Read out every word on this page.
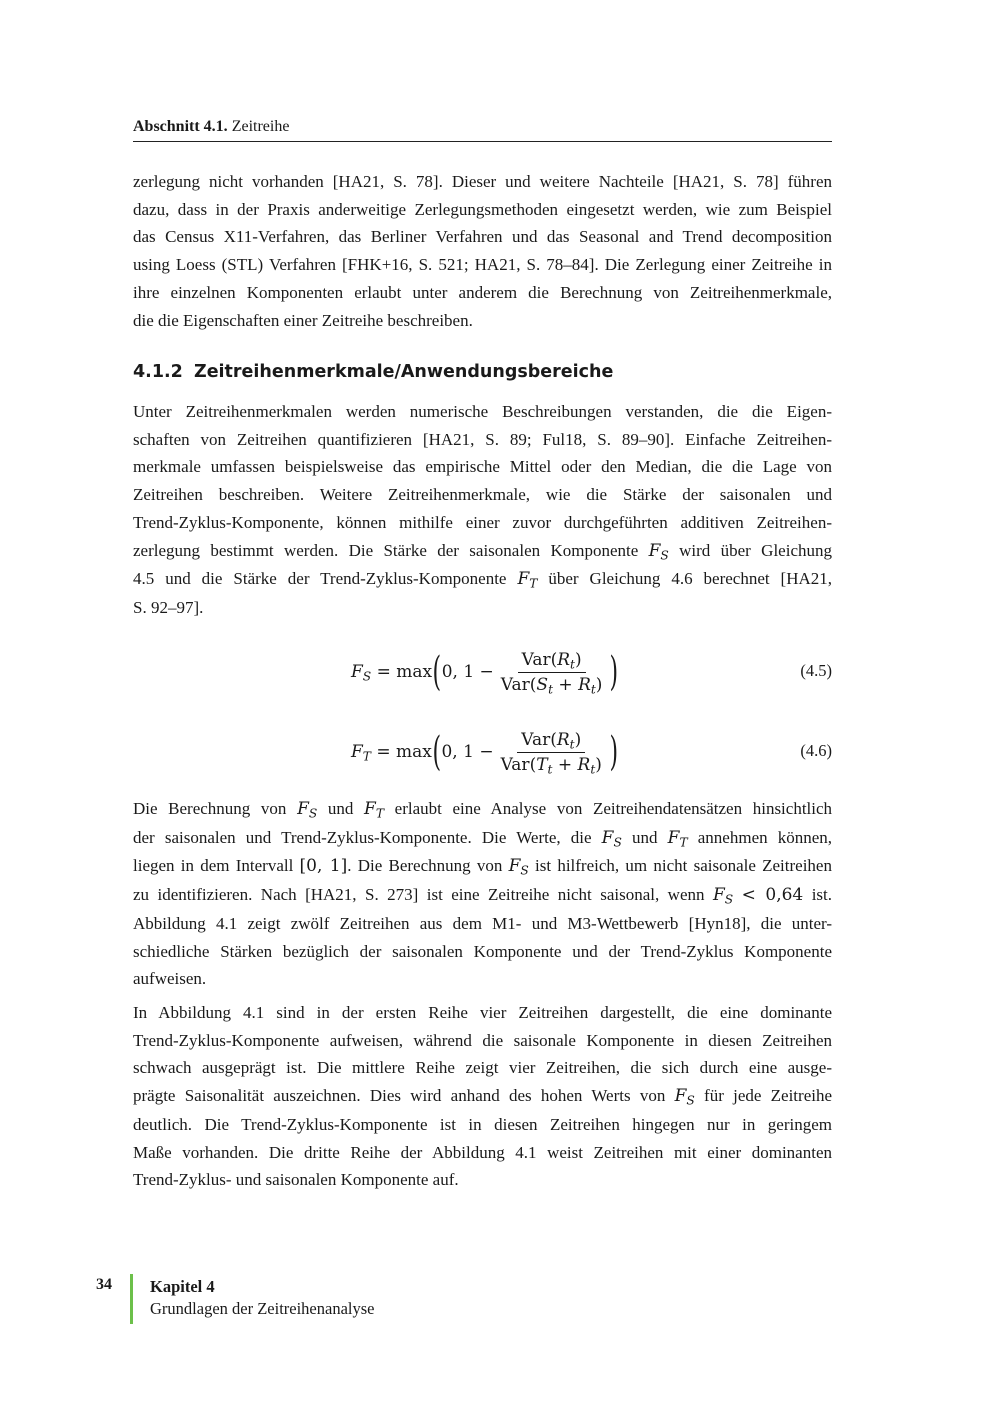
Abschnitt 4.1. Zeitreihe
zerlegung nicht vorhanden [HA21, S. 78]. Dieser und weitere Nachteile [HA21, S. 78] führen
dazu, dass in der Praxis anderweitige Zerlegungsmethoden eingesetzt werden, wie zum Beispiel
das Census X11-Verfahren, das Berliner Verfahren und das Seasonal and Trend decomposition
using Loess (STL) Verfahren [FHK+16, S. 521; HA21, S. 78–84]. Die Zerlegung einer Zeitreihe in
ihre einzelnen Komponenten erlaubt unter anderem die Berechnung von Zeitreihenmerkmale,
die die Eigenschaften einer Zeitreihe beschreiben.
4.1.2 Zeitreihenmerkmale/Anwendungsbereiche
Unter Zeitreihenmerkmalen werden numerische Beschreibungen verstanden, die die Eigen-
schaften von Zeitreihen quantifizieren [HA21, S. 89; Ful18, S. 89–90]. Einfache Zeitreihen-
merkmale umfassen beispielsweise das empirische Mittel oder den Median, die die Lage von
Zeitreihen beschreiben. Weitere Zeitreihenmerkmale, wie die Stärke der saisonalen und
Trend-Zyklus-Komponente, können mithilfe einer zuvor durchgeführten additiven Zeitreihen-
zerlegung bestimmt werden. Die Stärke der saisonalen Komponente $F_S$ wird über Gleichung
4.5 und die Stärke der Trend-Zyklus-Komponente $F_T$ über Gleichung 4.6 berechnet [HA21,
S. 92–97].
$F_S$
= max ( 0, $1 - \frac{Var(R_t)}{Var(S_t + R_t)}$ )	(4.5)
$F_T$
= max ( 0, $1 - \frac{Var(R_t)}{Var(T_t + R_t)}$ )	(4.6)
Die Berechnung von $F_S$ und $F_T$ erlaubt eine Analyse von Zeitreihendatensätzen hinsichtlich
der saisonalen und Trend-Zyklus-Komponente. Die Werte, die $F_S$ und $F_T$ annehmen können,
liegen in dem Intervall [0, 1]. Die Berechnung von $F_S$ ist hilfreich, um nicht saisonale Zeitreihen
zu identifizieren. Nach [HA21, S. 273] ist eine Zeitreihe nicht saisonal, wenn $F_S < 0,64$ ist.
Abbildung 4.1 zeigt zwölf Zeitreihen aus dem M1- und M3-Wettbewerb [Hyn18], die unter-
schiedliche Stärken bezüglich der saisonalen Komponente und der Trend-Zyklus Komponente
aufweisen.
In Abbildung 4.1 sind in der ersten Reihe vier Zeitreihen dargestellt, die eine dominante
Trend-Zyklus-Komponente aufweisen, während die saisonale Komponente in diesen Zeitreihen
schwach ausgeprägt ist. Die mittlere Reihe zeigt vier Zeitreihen, die sich durch eine ausge-
prägte Saisonalität auszeichnen. Dies wird anhand des hohen Werts von $F_S$ für jede Zeitreihe
deutlich. Die Trend-Zyklus-Komponente ist in diesen Zeitreihen hingegen nur in geringem
Maße vorhanden. Die dritte Reihe der Abbildung 4.1 weist Zeitreihen mit einer dominanten
Trend-Zyklus- und saisonalen Komponente auf.
34 Kapitel 4
Grundlagen der Zeitreihenanalyse
